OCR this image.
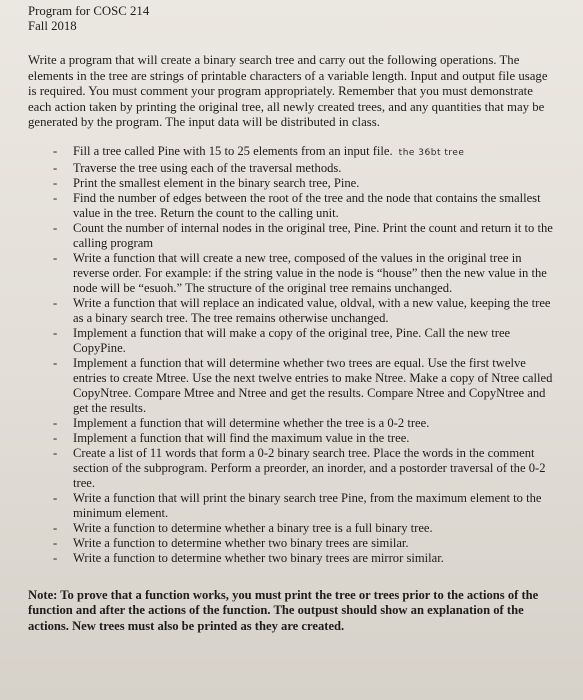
Program for COSC 214
Fall 2018
Write a program that will create a binary search tree and carry out the following operations. The elements in the tree are strings of printable characters of a variable length. Input and output file usage is required. You must comment your program appropriately. Remember that you must demonstrate each action taken by printing the original tree, all newly created trees, and any quantities that may be generated by the program. The input data will be distributed in class.
- Fill a tree called Pine with 15 to 25 elements from an input file. the 36bt tree
- Traverse the tree using each of the traversal methods.
- Print the smallest element in the binary search tree, Pine.
- Find the number of edges between the root of the tree and the node that contains the smallest value in the tree. Return the count to the calling unit.
- Count the number of internal nodes in the original tree, Pine. Print the count and return it to the calling program
- Write a function that will create a new tree, composed of the values in the original tree in reverse order. For example: if the string value in the node is “house” then the new value in the node will be “esuoh.” The structure of the original tree remains unchanged.
- Write a function that will replace an indicated value, oldval, with a new value, keeping the tree as a binary search tree. The tree remains otherwise unchanged.
- Implement a function that will make a copy of the original tree, Pine. Call the new tree CopyPine.
- Implement a function that will determine whether two trees are equal. Use the first twelve entries to create Mtree. Use the next twelve entries to make Ntree. Make a copy of Ntree called CopyNtree. Compare Mtree and Ntree and get the results. Compare Ntree and CopyNtree and get the results.
- Implement a function that will determine whether the tree is a 0-2 tree.
- Implement a function that will find the maximum value in the tree.
- Create a list of 11 words that form a 0-2 binary search tree. Place the words in the comment section of the subprogram. Perform a preorder, an inorder, and a postorder traversal of the 0-2 tree.
- Write a function that will print the binary search tree Pine, from the maximum element to the minimum element.
- Write a function to determine whether a binary tree is a full binary tree.
- Write a function to determine whether two binary trees are similar.
- Write a function to determine whether two binary trees are mirror similar.
Note: To prove that a function works, you must print the tree or trees prior to the actions of the function and after the actions of the function. The outpust should show an explanation of the actions. New trees must also be printed as they are created.
